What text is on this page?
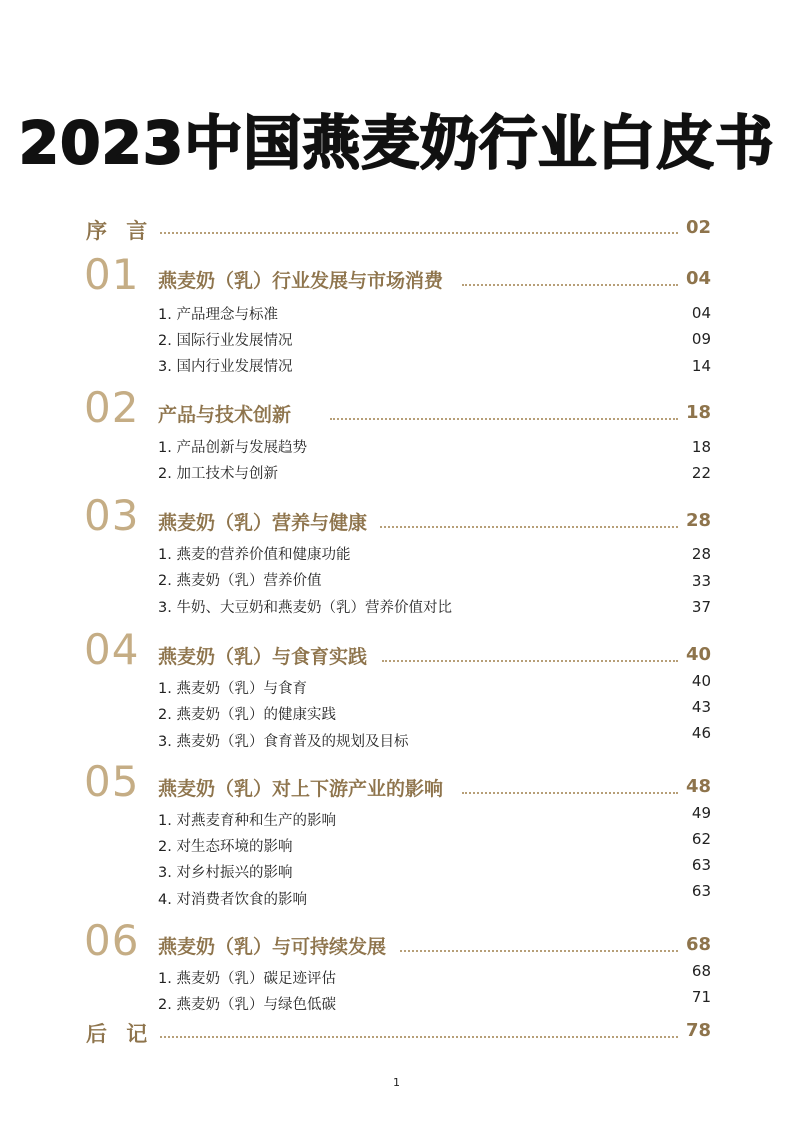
2023中国燕麦奶行业白皮书
序 言	02
01 燕麦奶（乳）行业发展与市场消费	04
1. 产品理念与标准	04
2. 国际行业发展情况	09
3. 国内行业发展情况	14
02 产品与技术创新	18
1. 产品创新与发展趋势	18
2. 加工技术与创新	22
03 燕麦奶（乳）营养与健康	28
1. 燕麦的营养价值和健康功能	28
2. 燕麦奶（乳）营养价值	33
3. 牛奶、大豆奶和燕麦奶（乳）营养价值对比	37
04 燕麦奶（乳）与食育实践	40
1. 燕麦奶（乳）与食育	40
2. 燕麦奶（乳）的健康实践	43
3. 燕麦奶（乳）食育普及的规划及目标	46
05 燕麦奶（乳）对上下游产业的影响	48
1. 对燕麦育种和生产的影响	49
2. 对生态环境的影响	62
3. 对乡村振兴的影响	63
4. 对消费者饮食的影响	63
06 燕麦奶（乳）与可持续发展	68
1. 燕麦奶（乳）碳足迹评估	68
2. 燕麦奶（乳）与绿色低碳	71
后 记	78
1
